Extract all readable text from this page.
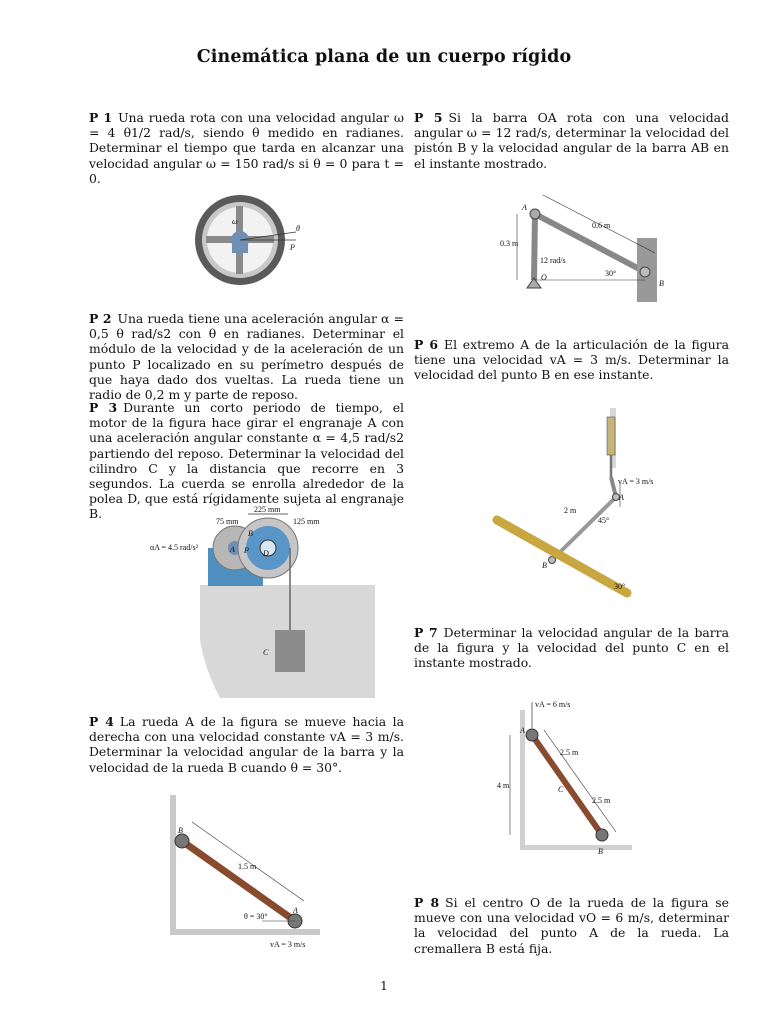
Cinemática plana de un cuerpo rígido
P 1 Una rueda rota con una velocidad angular ω = 4 θ1/2 rad/s, siendo θ medido en radianes. Determinar el tiempo que tarda en alcanzar una velocidad angular ω = 150 rad/s si θ = 0 para t = 0.
θ
ω
P
P 2 Una rueda tiene una aceleración angular α = 0,5 θ rad/s2 con θ en radianes. Determinar el módulo de la velocidad y de la aceleración de un punto P localizado en su perímetro después de que haya dado dos vueltas. La rueda tiene un radio de 0,2 m y parte de reposo.
P 3 Durante un corto periodo de tiempo, el motor de la figura hace girar el engranaje A con una aceleración angular constante α = 4,5 rad/s2 partiendo del reposo. Determinar la velocidad del cilindro C y la distancia que recorre en 3 segundos. La cuerda se enrolla alrededor de la polea D, que está rígidamente sujeta al engranaje B.
75 mm
225 mm
125 mm
αA = 4.5 rad/s²	A
B
D
C
P
P 4 La rueda A de la figura se mueve hacia la derecha con una velocidad constante vA = 3 m/s. Determinar la velocidad angular de la barra y la velocidad de la rueda B cuando θ = 30°.
B
A
1.5 m
θ = 30°
vA = 3 m/s
P 5 Si la barra OA rota con una velocidad angular ω = 12 rad/s, determinar la velocidad del pistón B y la velocidad angular de la barra AB en el instante mostrado.
A
O
B
0.6 m
0.3 m
12 rad/s
30°
P 6 El extremo A de la articulación de la figura tiene una velocidad vA = 3 m/s. Determinar la velocidad del punto B en ese instante.
vA = 3 m/s
A
B
2 m
45°
30°
P 7 Determinar la velocidad angular de la barra de la figura y la velocidad del punto C en el instante mostrado.
vA = 6 m/s
A
C
B
4 m
2.5 m
2.5 m
P 8 Si el centro O de la rueda de la figura se mueve con una velocidad vO = 6 m/s, determinar la velocidad del punto A de la rueda. La cremallera B está fija.
1
